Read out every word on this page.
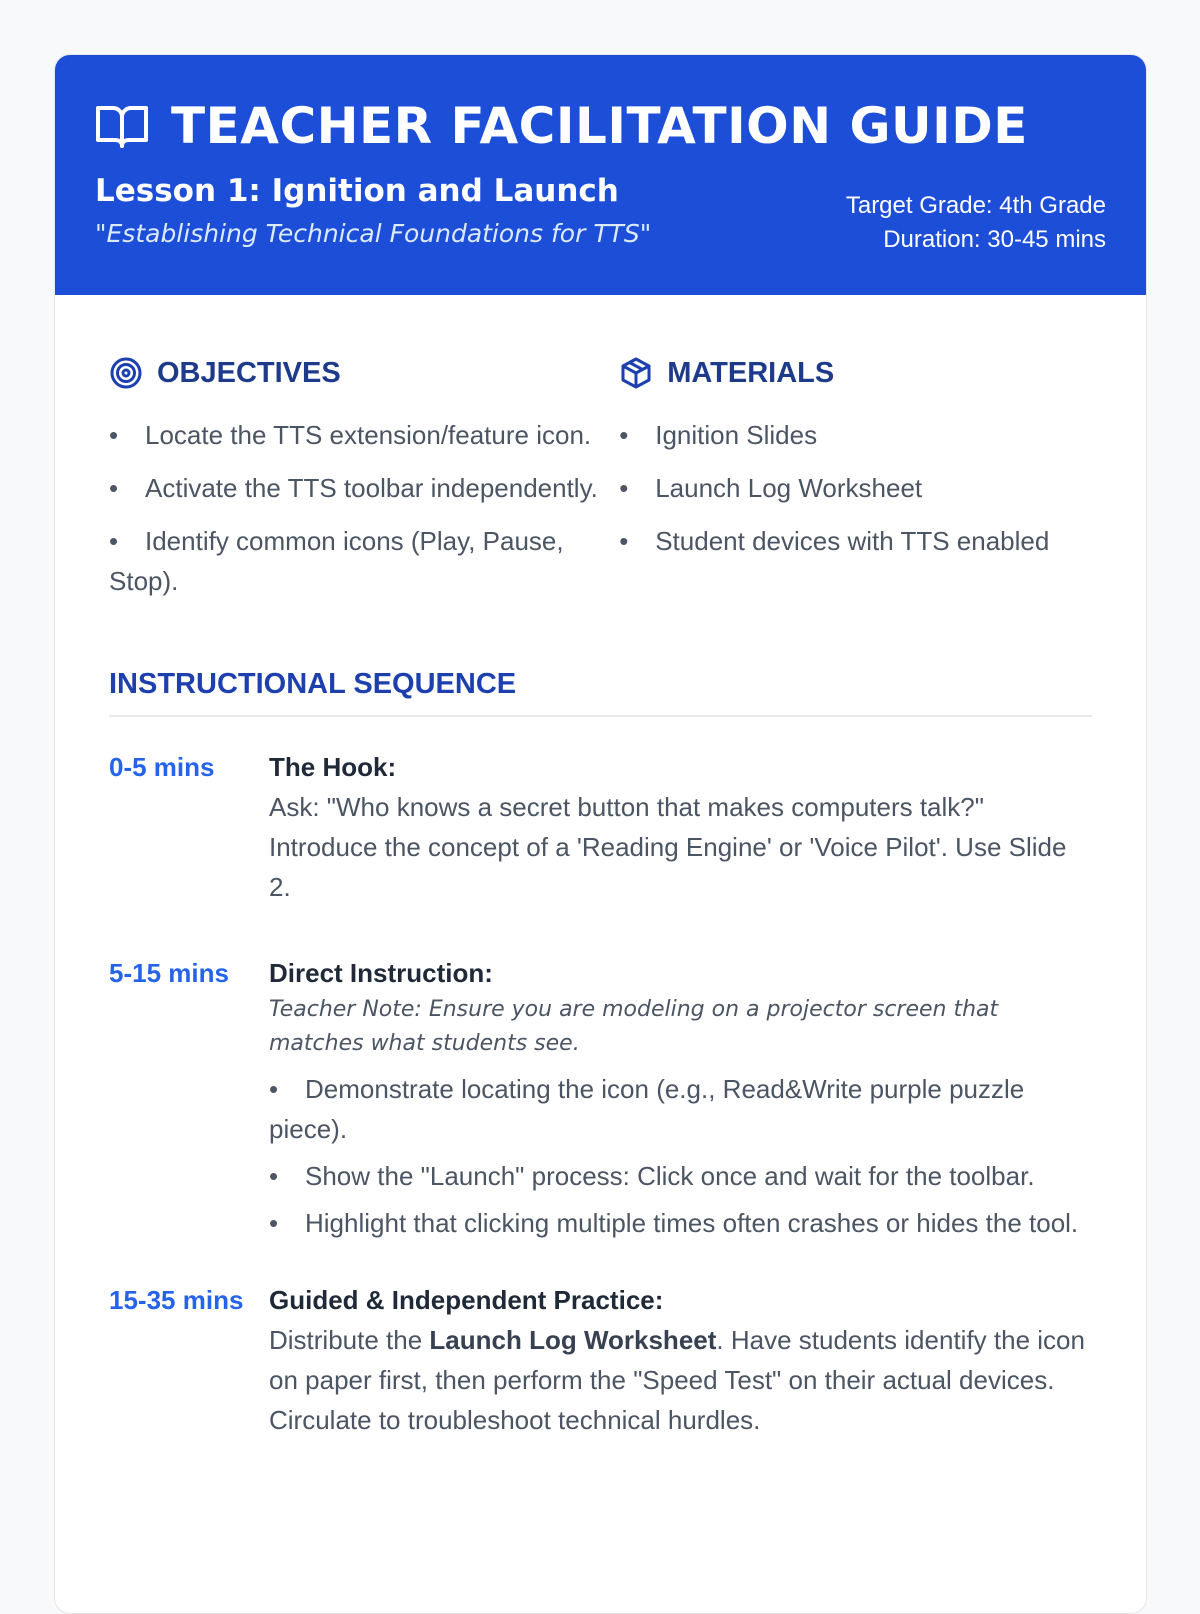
TEACHER FACILITATION GUIDE
Lesson 1: Ignition and Launch
"Establishing Technical Foundations for TTS"
Target Grade: 4th Grade
Duration: 30-45 mins
OBJECTIVES
• Locate the TTS extension/feature icon.
• Activate the TTS toolbar independently.
• Identify common icons (Play, Pause, Stop).
MATERIALS
• Ignition Slides
• Launch Log Worksheet
• Student devices with TTS enabled
INSTRUCTIONAL SEQUENCE
0-5 mins	The Hook:
Ask: "Who knows a secret button that makes computers talk?" Introduce the concept of a 'Reading Engine' or 'Voice Pilot'. Use Slide 2.
5-15 mins	Direct Instruction:
Teacher Note: Ensure you are modeling on a projector screen that matches what students see.
• Demonstrate locating the icon (e.g., Read&Write purple puzzle piece).
• Show the "Launch" process: Click once and wait for the toolbar.
• Highlight that clicking multiple times often crashes or hides the tool.
15-35 mins Guided & Independent Practice:
Distribute the Launch Log Worksheet. Have students identify the icon on paper first, then perform the "Speed Test" on their actual devices. Circulate to troubleshoot technical hurdles.
